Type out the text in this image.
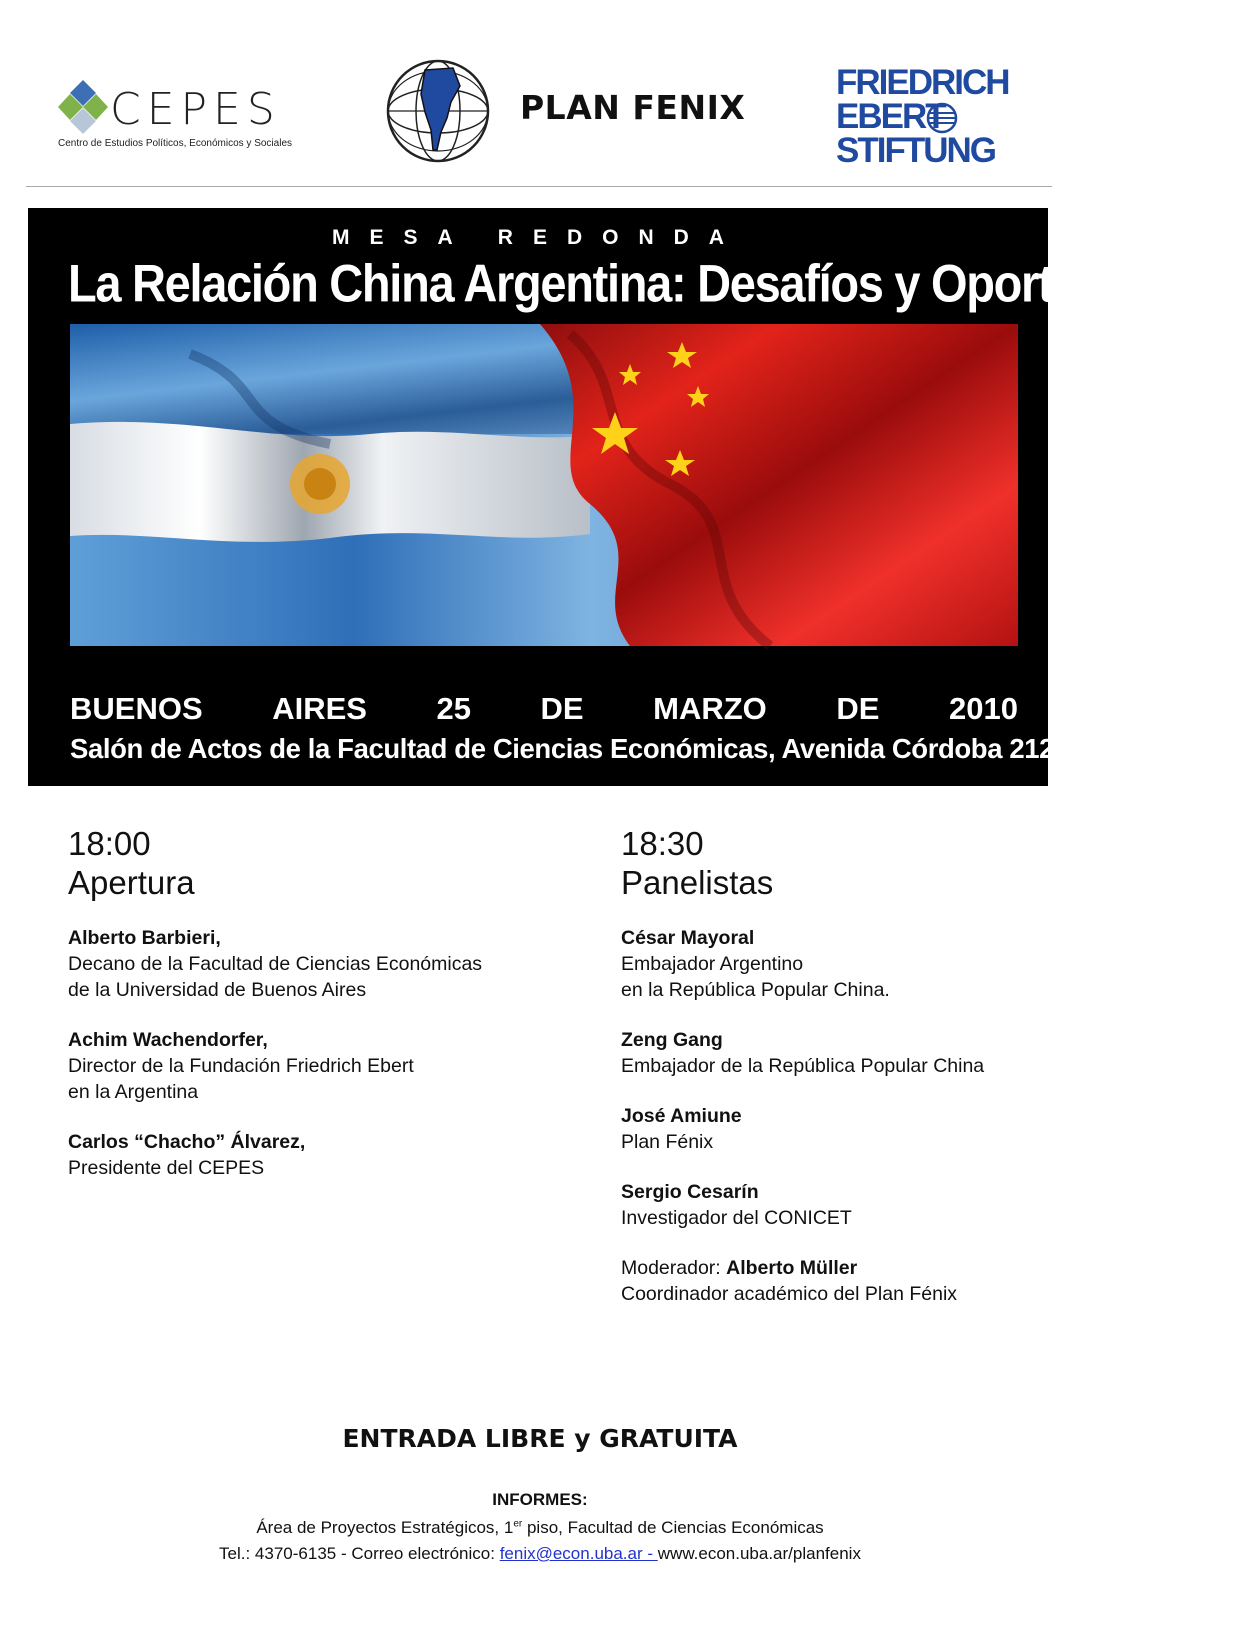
CEPES
Centro de Estudios Políticos, Económicos y Sociales
PLAN FENIX
FRIEDRICH
EBERT
STIFTUNG
MESA REDONDA
La Relación China Argentina: Desafíos y Oportunidades
BUENOS AIRES 25 DE MARZO DE 2010
Salón de Actos de la Facultad de Ciencias Económicas, Avenida Córdoba 2122
18:00
Apertura
Alberto Barbieri,
Decano de la Facultad de Ciencias Económicas
de la Universidad de Buenos Aires
Achim Wachendorfer,
Director de la Fundación Friedrich Ebert
en la Argentina
Carlos “Chacho” Álvarez,
Presidente del CEPES
18:30
Panelistas
César Mayoral
Embajador Argentino
en la República Popular China.
Zeng Gang
Embajador de la República Popular China
José Amiune
Plan Fénix
Sergio Cesarín
Investigador del CONICET
Moderador: Alberto Müller
Coordinador académico del Plan Fénix
ENTRADA LIBRE y GRATUITA
INFORMES:
Área de Proyectos Estratégicos, 1er piso, Facultad de Ciencias Económicas
Tel.: 4370-6135 - Correo electrónico: fenix@econ.uba.ar - www.econ.uba.ar/planfenix
